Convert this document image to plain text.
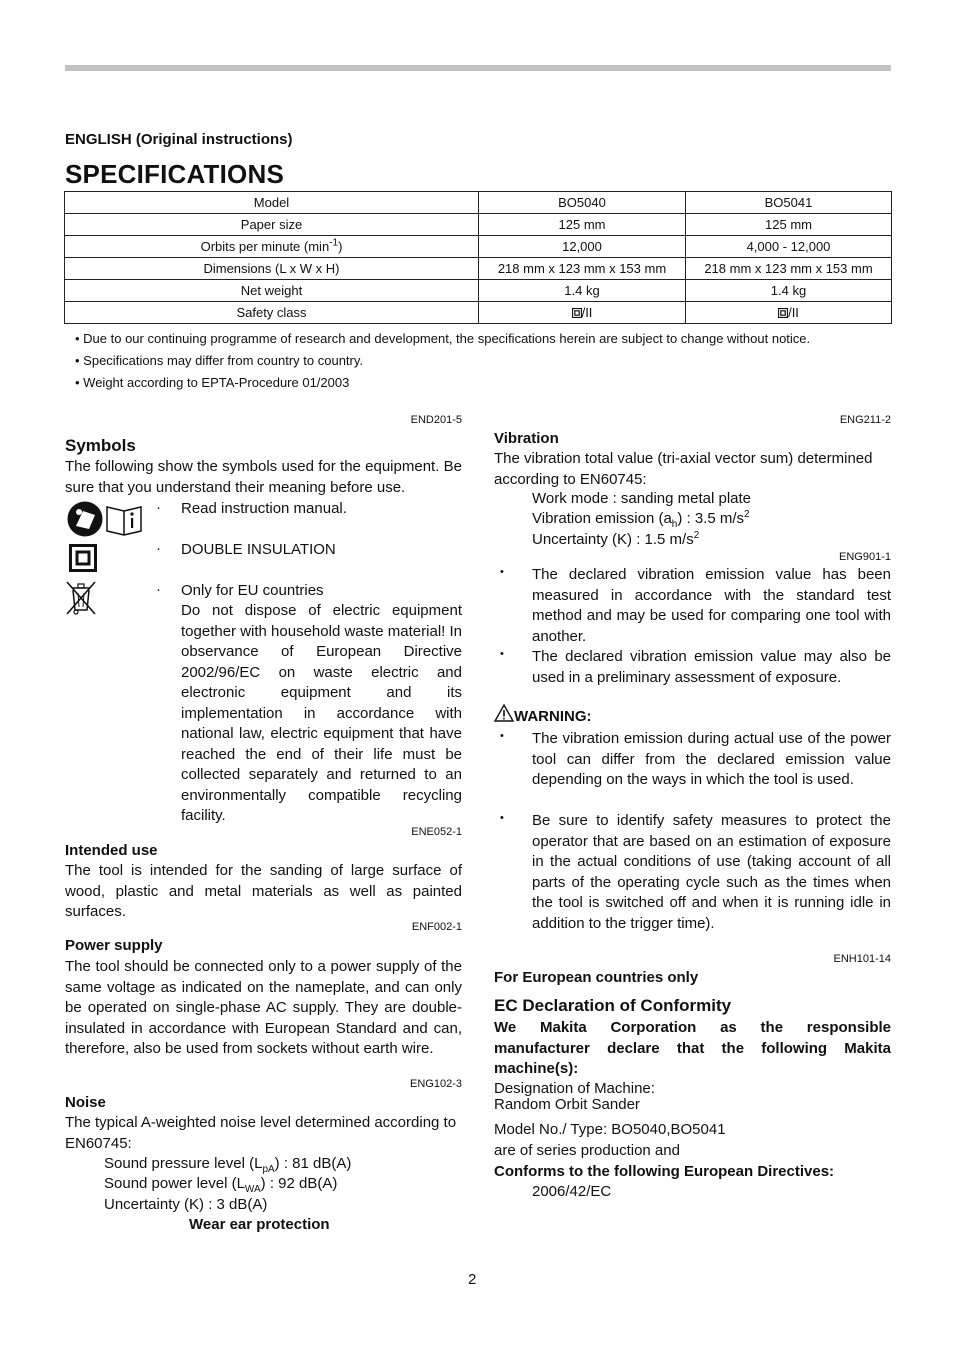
ENGLISH (Original instructions)
SPECIFICATIONS
Model	BO5040	BO5041
Paper size	125 mm	125 mm
Orbits per minute $(\min^{-1})$	12,000	4,000 - 12,000
Dimensions (L x W x H)	218 mm x 123 mm x 153 mm	218 mm x 123 mm x 153 mm
Net weight	1.4 kg	1.4 kg
Safety class	/II	/II
• Due to our continuing programme of research and development, the specifications herein are subject to change without notice.
• Specifications may differ from country to country.
• Weight according to EPTA-Procedure 01/2003
END201-5
Symbols
The following show the symbols used for the equipment. Be sure that you understand their meaning before use.
· Read instruction manual.
· DOUBLE INSULATION
· Only for EU countries
Do not dispose of electric equipment together with household waste material! In observance of European Directive 2002/96/EC on waste electric and electronic equipment and its implementation in accordance with national law, electric equipment that have reached the end of their life must be collected separately and returned to an environmentally compatible recycling facility.
ENE052-1
Intended use
The tool is intended for the sanding of large surface of wood, plastic and metal materials as well as painted surfaces.
ENF002-1
Power supply
The tool should be connected only to a power supply of the same voltage as indicated on the nameplate, and can only be operated on single-phase AC supply. They are double-insulated in accordance with European Standard and can, therefore, also be used from sockets without earth wire.
ENG102-3
Noise
The typical A-weighted noise level determined according to EN60745:
Sound pressure level $(L_{pA})$ : 81 dB(A)
Sound power level $(L_{WA})$ : 92 dB(A)
Uncertainty (K) : 3 dB(A)
Wear ear protection
ENG211-2
Vibration
The vibration total value (tri-axial vector sum) determined according to EN60745:
Work mode : sanding metal plate
Vibration emission $(a_h)$ : 3.5 $m/s^2$
Uncertainty (K) : 1.5 $m/s^2$
ENG901-1
• The declared vibration emission value has been measured in accordance with the standard test method and may be used for comparing one tool with another.
• The declared vibration emission value may also be used in a preliminary assessment of exposure.
WARNING:
• The vibration emission during actual use of the power tool can differ from the declared emission value depending on the ways in which the tool is used.
• Be sure to identify safety measures to protect the operator that are based on an estimation of exposure in the actual conditions of use (taking account of all parts of the operating cycle such as the times when the tool is switched off and when it is running idle in addition to the trigger time).
ENH101-14
For European countries only
EC Declaration of Conformity
We Makita Corporation as the responsible manufacturer declare that the following Makita machine(s):
Designation of Machine:
Random Orbit Sander
Model No./ Type: BO5040,BO5041
are of series production and
Conforms to the following European Directives:
2006/42/EC
2
